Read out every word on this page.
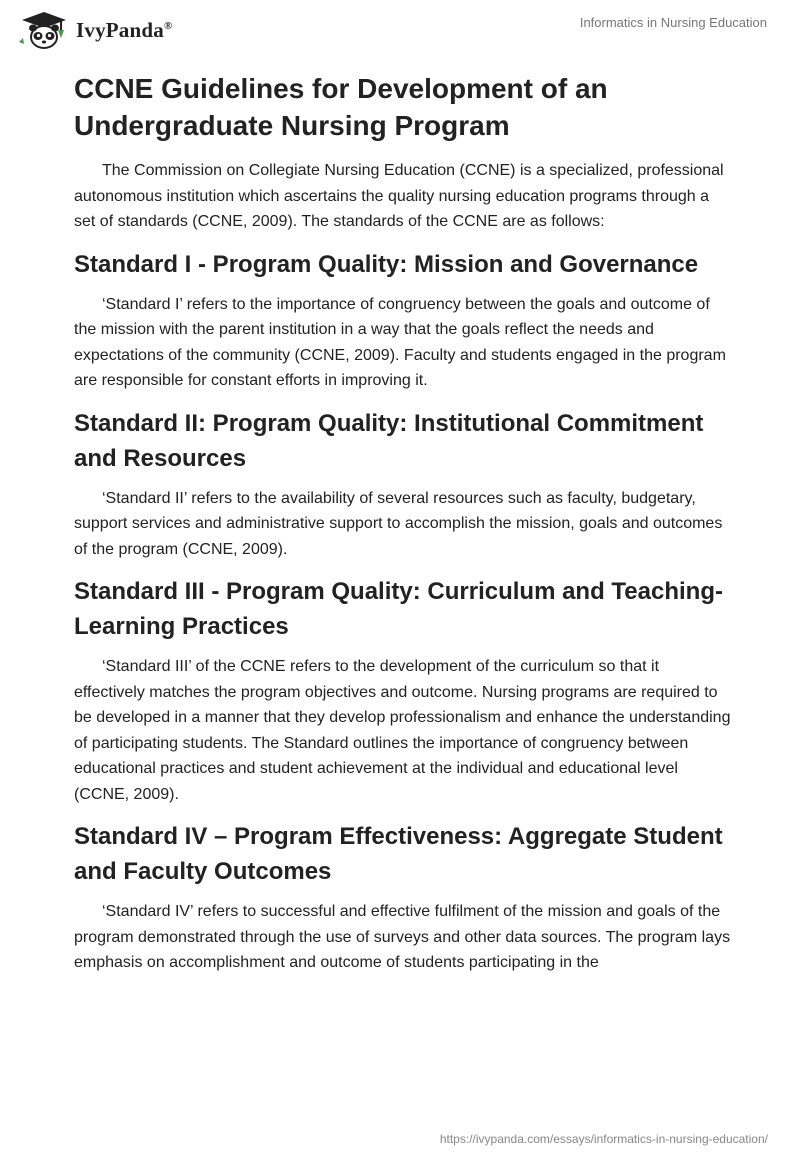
IvyPanda®	Informatics in Nursing Education
CCNE Guidelines for Development of an Undergraduate Nursing Program

The Commission on Collegiate Nursing Education (CCNE) is a specialized, professional autonomous institution which ascertains the quality nursing education programs through a set of standards (CCNE, 2009). The standards of the CCNE are as follows:

Standard I - Program Quality: Mission and Governance

‘Standard I’ refers to the importance of congruency between the goals and outcome of the mission with the parent institution in a way that the goals reflect the needs and expectations of the community (CCNE, 2009). Faculty and students engaged in the program are responsible for constant efforts in improving it.

Standard II: Program Quality: Institutional Commitment and Resources

‘Standard II’ refers to the availability of several resources such as faculty, budgetary, support services and administrative support to accomplish the mission, goals and outcomes of the program (CCNE, 2009).

Standard III - Program Quality: Curriculum and Teaching-Learning Practices

‘Standard III’ of the CCNE refers to the development of the curriculum so that it effectively matches the program objectives and outcome. Nursing programs are required to be developed in a manner that they develop professionalism and enhance the understanding of participating students. The Standard outlines the importance of congruency between educational practices and student achievement at the individual and educational level (CCNE, 2009).

Standard IV – Program Effectiveness: Aggregate Student and Faculty Outcomes

‘Standard IV’ refers to successful and effective fulfilment of the mission and goals of the program demonstrated through the use of surveys and other data sources. The program lays emphasis on accomplishment and outcome of students participating in the

https://ivypanda.com/essays/informatics-in-nursing-education/
